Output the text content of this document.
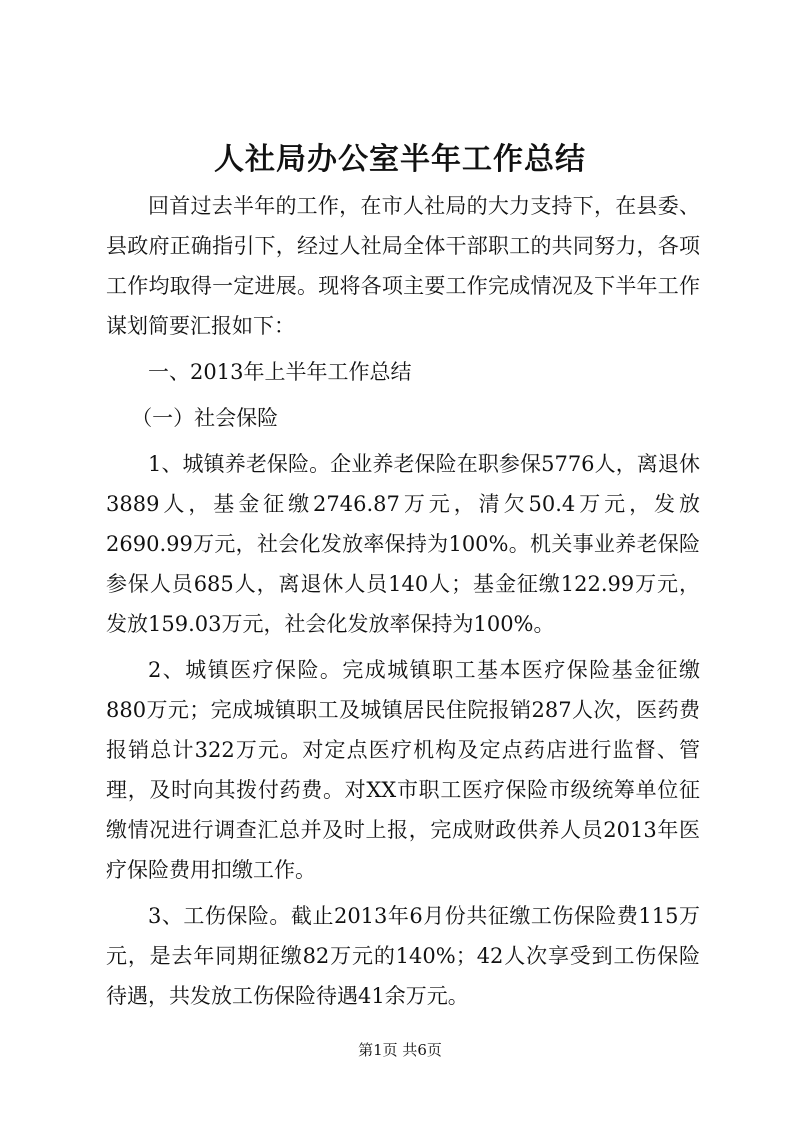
人社局办公室半年工作总结

回首过去半年的工作，在市人社局的大力支持下，在县委、县政府正确指引下，经过人社局全体干部职工的共同努力，各项工作均取得一定进展。现将各项主要工作完成情况及下半年工作谋划简要汇报如下：

一、2013年上半年工作总结

（一）社会保险

1、城镇养老保险。企业养老保险在职参保5776人，离退休3889人，基金征缴2746.87万元，清欠50.4万元，发放2690.99万元，社会化发放率保持为100%。机关事业养老保险参保人员685人，离退休人员140人；基金征缴122.99万元，发放159.03万元，社会化发放率保持为100%。

2、城镇医疗保险。完成城镇职工基本医疗保险基金征缴880万元；完成城镇职工及城镇居民住院报销287人次，医药费报销总计322万元。对定点医疗机构及定点药店进行监督、管理，及时向其拨付药费。对XX市职工医疗保险市级统筹单位征缴情况进行调查汇总并及时上报，完成财政供养人员2013年医疗保险费用扣缴工作。

3、工伤保险。截止2013年6月份共征缴工伤保险费115万元，是去年同期征缴82万元的140%；42人次享受到工伤保险待遇，共发放工伤保险待遇41余万元。

第1页 共6页
